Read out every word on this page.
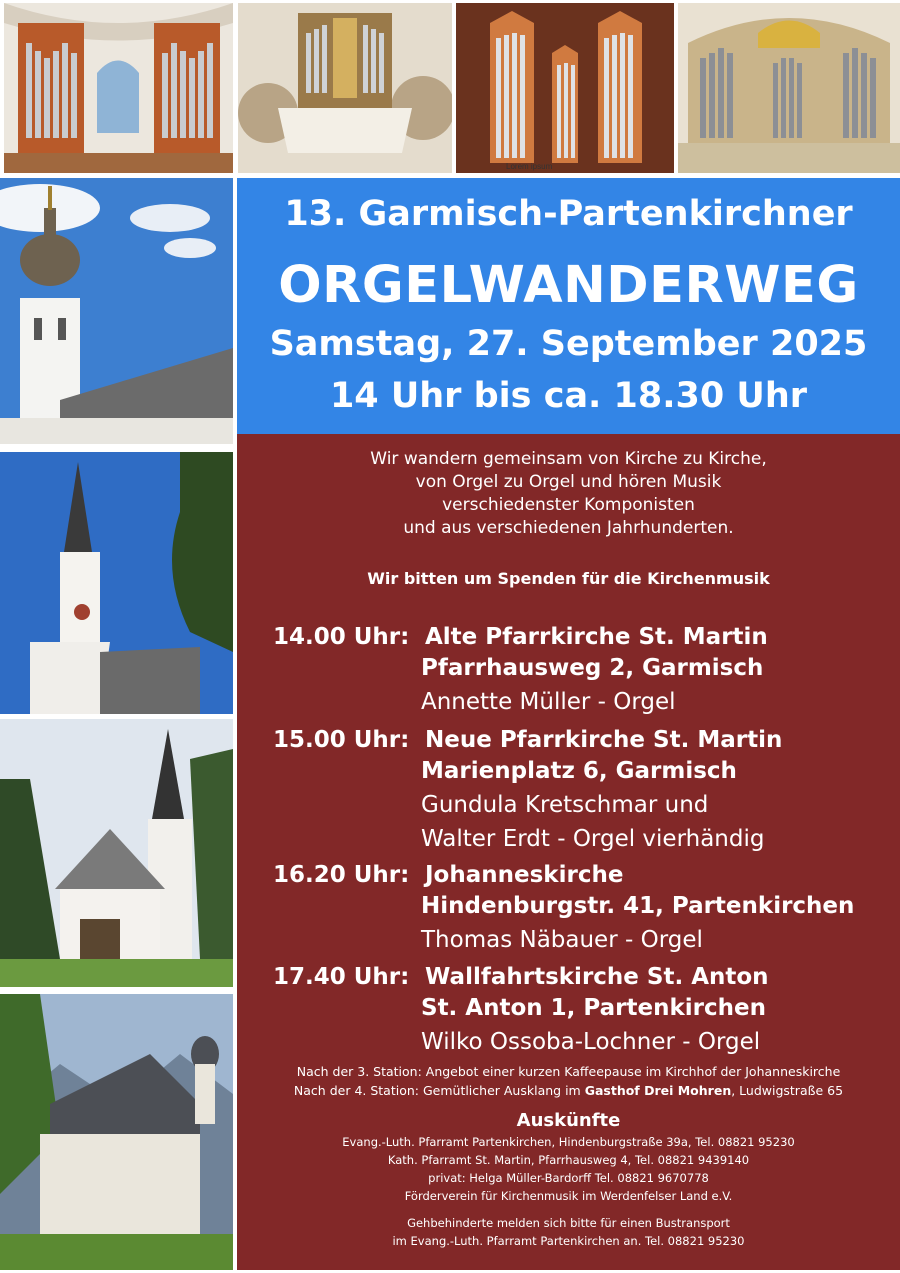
Lorem ipsum
13. Garmisch-Partenkirchner
ORGELWANDERWEG
Samstag, 27. September 2025
14 Uhr bis ca. 18.30 Uhr
Wir wandern gemeinsam von Kirche zu Kirche,
von Orgel zu Orgel und hören Musik
verschiedenster Komponisten
und aus verschiedenen Jahrhunderten.
Wir bitten um Spenden für die Kirchenmusik
14.00 Uhr: Alte Pfarrkirche St. Martin
Pfarrhausweg 2, Garmisch
Annette Müller - Orgel
15.00 Uhr: Neue Pfarrkirche St. Martin
Marienplatz 6, Garmisch
Gundula Kretschmar und
Walter Erdt - Orgel vierhändig
16.20 Uhr: Johanneskirche
Hindenburgstr. 41, Partenkirchen
Thomas Näbauer - Orgel
17.40 Uhr: Wallfahrtskirche St. Anton
St. Anton 1, Partenkirchen
Wilko Ossoba-Lochner - Orgel
Nach der 3. Station: Angebot einer kurzen Kaffeepause im Kirchhof der Johanneskirche
Nach der 4. Station: Gemütlicher Ausklang im Gasthof Drei Mohren, Ludwigstraße 65
Auskünfte
Evang.-Luth. Pfarramt Partenkirchen, Hindenburgstraße 39a, Tel. 08821 95230
Kath. Pfarramt St. Martin, Pfarrhausweg 4, Tel. 08821 9439140
privat: Helga Müller-Bardorff Tel. 08821 9670778
Förderverein für Kirchenmusik im Werdenfelser Land e.V.
Gehbehinderte melden sich bitte für einen Bustransport
im Evang.-Luth. Pfarramt Partenkirchen an. Tel. 08821 95230
